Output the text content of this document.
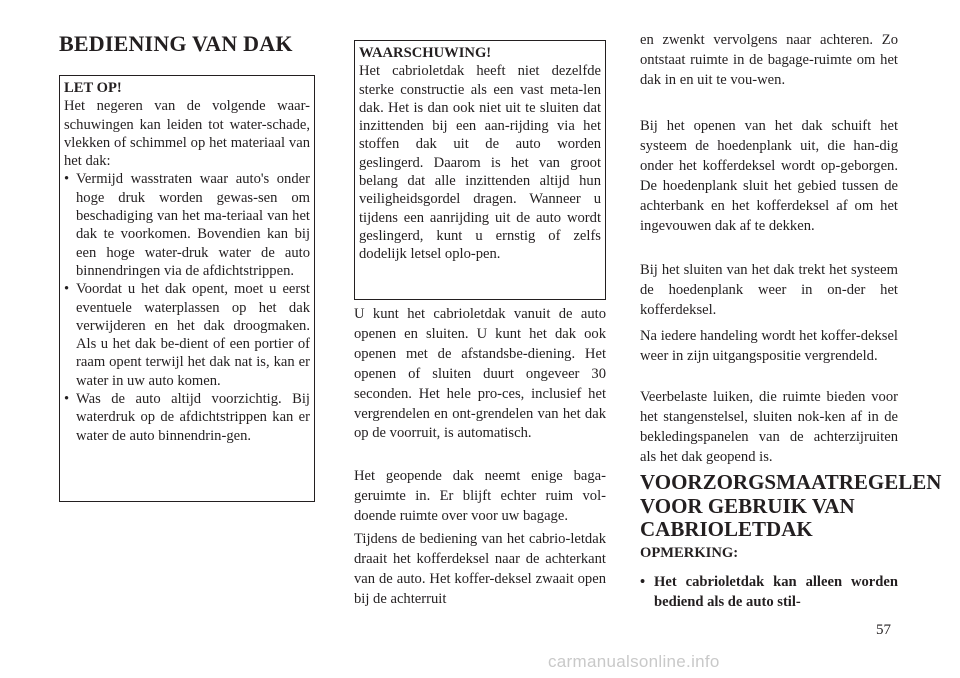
BEDIENING VAN DAK
LET OP!
Het negeren van de volgende waar-schuwingen kan leiden tot water-schade, vlekken of schimmel op het materiaal van het dak:
• Vermijd wasstraten waar auto's onder hoge druk worden gewas-sen om beschadiging van het ma-teriaal van het dak te voorkomen. Bovendien kan bij een hoge water-druk water de auto binnendringen via de afdichtstrippen.
• Voordat u het dak opent, moet u eerst eventuele waterplassen op het dak verwijderen en het dak droogmaken. Als u het dak be-dient of een portier of raam opent terwijl het dak nat is, kan er water in uw auto komen.
• Was de auto altijd voorzichtig. Bij waterdruk op de afdichtstrippen kan er water de auto binnendrin-gen.
WAARSCHUWING!
Het cabrioletdak heeft niet dezelfde sterke constructie als een vast meta-len dak. Het is dan ook niet uit te sluiten dat inzittenden bij een aan-rijding via het stoffen dak uit de auto worden geslingerd. Daarom is het van groot belang dat alle inzittenden altijd hun veiligheidsgordel dragen. Wanneer u tijdens een aanrijding uit de auto wordt geslingerd, kunt u ernstig of zelfs dodelijk letsel oplo-pen.

U kunt het cabrioletdak vanuit de auto openen en sluiten. U kunt het dak ook openen met de afstandsbe-diening. Het openen of sluiten duurt ongeveer 30 seconden. Het hele pro-ces, inclusief het vergrendelen en ont-grendelen van het dak op de voorruit, is automatisch.

Het geopende dak neemt enige baga-geruimte in. Er blijft echter ruim vol-doende ruimte over voor uw bagage.

Tijdens de bediening van het cabrio-letdak draait het kofferdeksel naar de achterkant van de auto. Het koffer-deksel zwaait open bij de achterruit

en zwenkt vervolgens naar achteren. Zo ontstaat ruimte in de bagage-ruimte om het dak in en uit te vou-wen.

Bij het openen van het dak schuift het systeem de hoedenplank uit, die han-dig onder het kofferdeksel wordt op-geborgen. De hoedenplank sluit het gebied tussen de achterbank en het kofferdeksel af om het ingevouwen dak af te dekken.

Bij het sluiten van het dak trekt het systeem de hoedenplank weer in on-der het kofferdeksel.

Na iedere handeling wordt het koffer-deksel weer in zijn uitgangspositie vergrendeld.

Veerbelaste luiken, die ruimte bieden voor het stangenstelsel, sluiten nok-ken af in de bekledingspanelen van de achterzijruiten als het dak geopend is.

VOORZORGSMAATREGELEN VOOR GEBRUIK VAN CABRIOLETDAK

OPMERKING:

• Het cabrioletdak kan alleen worden bediend als de auto stil-
57
carmanualsonline.info
